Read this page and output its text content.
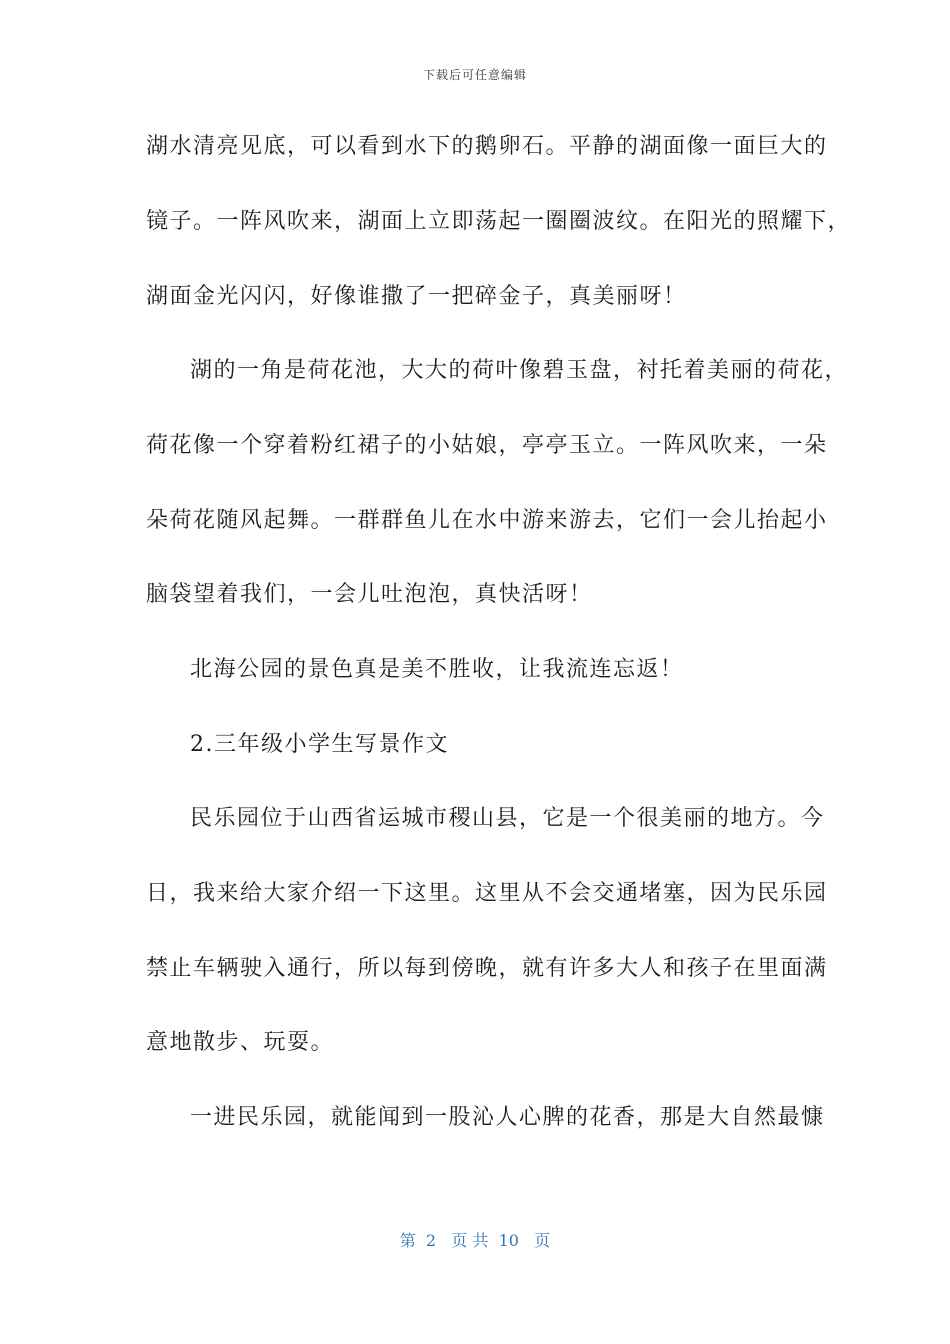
下载后可任意编辑
湖水清亮见底，可以看到水下的鹅卵石。平静的湖面像一面巨大的
镜子。一阵风吹来，湖面上立即荡起一圈圈波纹。在阳光的照耀下，
湖面金光闪闪，好像谁撒了一把碎金子，真美丽呀！
湖的一角是荷花池，大大的荷叶像碧玉盘，衬托着美丽的荷花，
荷花像一个穿着粉红裙子的小姑娘，亭亭玉立。一阵风吹来，一朵
朵荷花随风起舞。一群群鱼儿在水中游来游去，它们一会儿抬起小
脑袋望着我们，一会儿吐泡泡，真快活呀！
北海公园的景色真是美不胜收，让我流连忘返！
2.三年级小学生写景作文
民乐园位于山西省运城市稷山县，它是一个很美丽的地方。今
日，我来给大家介绍一下这里。这里从不会交通堵塞，因为民乐园
禁止车辆驶入通行，所以每到傍晚，就有许多大人和孩子在里面满
意地散步、玩耍。
一进民乐园，就能闻到一股沁人心脾的花香，那是大自然最慷
第  2   页 共  10   页
